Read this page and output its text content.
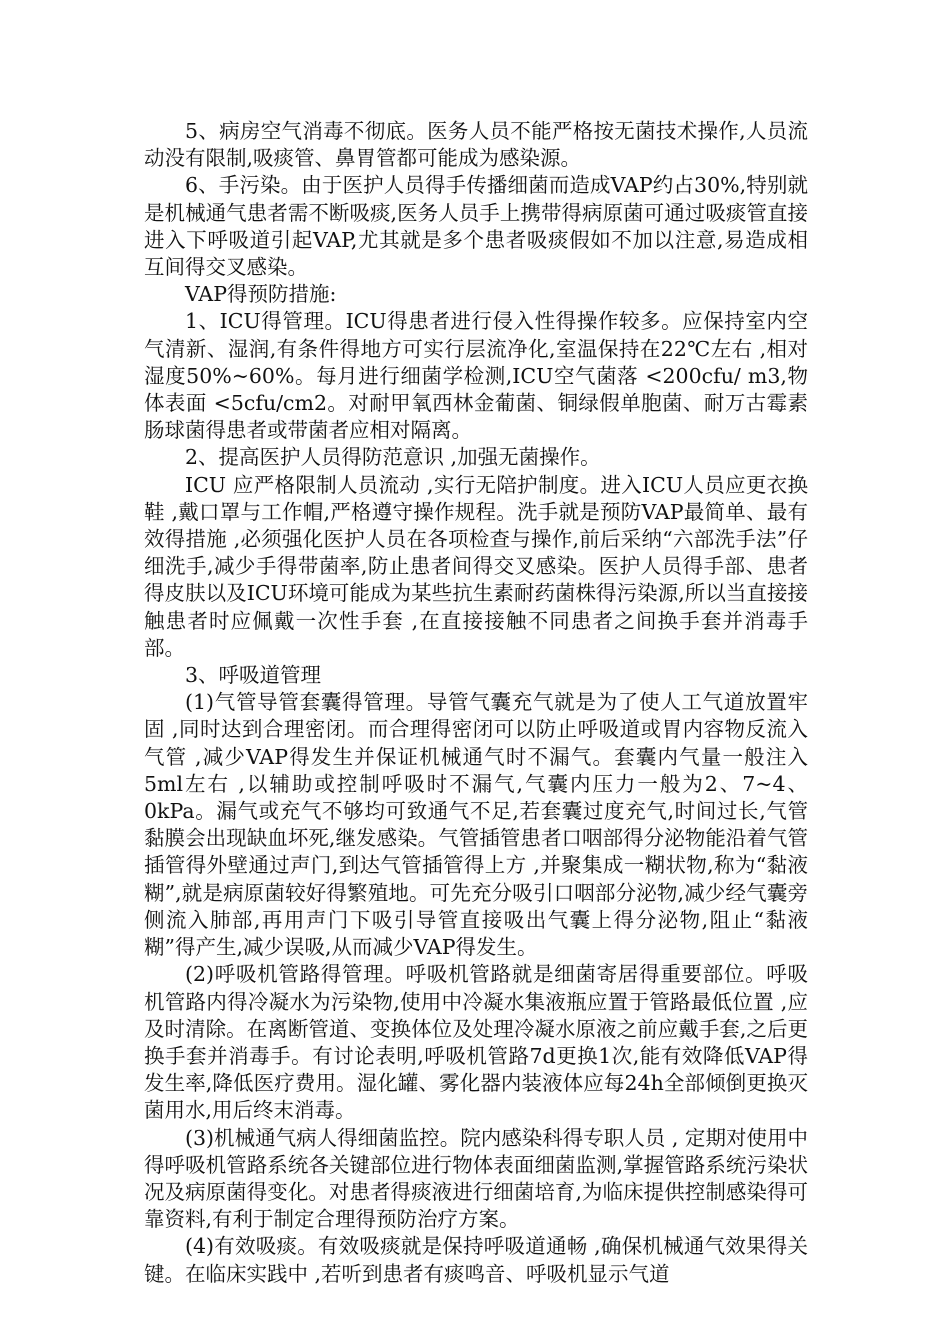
5、病房空气消毒不彻底。医务人员不能严格按无菌技术操作,人员流动没有限制,吸痰管、鼻胃管都可能成为感染源。

6、手污染。由于医护人员得手传播细菌而造成VAP约占30%,特别就是机械通气患者需不断吸痰,医务人员手上携带得病原菌可通过吸痰管直接进入下呼吸道引起VAP,尤其就是多个患者吸痰假如不加以注意,易造成相互间得交叉感染。

VAP得预防措施:

1、ICU得管理。ICU得患者进行侵入性得操作较多。应保持室内空气清新、湿润,有条件得地方可实行层流净化,室温保持在22℃左右 ,相对湿度50%~60%。每月进行细菌学检测,ICU空气菌落 <200cfu/ m3,物体表面 <5cfu/cm2。对耐甲氧西林金葡菌、铜绿假单胞菌、耐万古霉素肠球菌得患者或带菌者应相对隔离。

2、提高医护人员得防范意识 ,加强无菌操作。

ICU 应严格限制人员流动 ,实行无陪护制度。进入ICU人员应更衣换鞋 ,戴口罩与工作帽,严格遵守操作规程。洗手就是预防VAP最简单、最有效得措施 ,必须强化医护人员在各项检查与操作,前后采纳“六部洗手法”仔细洗手,减少手得带菌率,防止患者间得交叉感染。医护人员得手部、患者得皮肤以及ICU环境可能成为某些抗生素耐药菌株得污染源,所以当直接接触患者时应佩戴一次性手套 ,在直接接触不同患者之间换手套并消毒手部。

3、呼吸道管理

(1)气管导管套囊得管理。导管气囊充气就是为了使人工气道放置牢固 ,同时达到合理密闭。而合理得密闭可以防止呼吸道或胃内容物反流入气管 ,减少VAP得发生并保证机械通气时不漏气。套囊内气量一般注入5ml左右 ,以辅助或控制呼吸时不漏气,气囊内压力一般为2、7~4、0kPa。漏气或充气不够均可致通气不足,若套囊过度充气,时间过长,气管黏膜会出现缺血坏死,继发感染。气管插管患者口咽部得分泌物能沿着气管插管得外壁通过声门,到达气管插管得上方 ,并聚集成一糊状物,称为“黏液糊”,就是病原菌较好得繁殖地。可先充分吸引口咽部分泌物,减少经气囊旁侧流入肺部,再用声门下吸引导管直接吸出气囊上得分泌物,阻止“黏液糊”得产生,减少误吸,从而减少VAP得发生。

(2)呼吸机管路得管理。呼吸机管路就是细菌寄居得重要部位。呼吸机管路内得冷凝水为污染物,使用中冷凝水集液瓶应置于管路最低位置 ,应及时清除。在离断管道、变换体位及处理冷凝水原液之前应戴手套,之后更换手套并消毒手。有讨论表明,呼吸机管路7d更换1次,能有效降低VAP得发生率,降低医疗费用。湿化罐、雾化器内装液体应每24h全部倾倒更换灭菌用水,用后终末消毒。

(3)机械通气病人得细菌监控。院内感染科得专职人员 , 定期对使用中得呼吸机管路系统各关键部位进行物体表面细菌监测,掌握管路系统污染状况及病原菌得变化。对患者得痰液进行细菌培育,为临床提供控制感染得可靠资料,有利于制定合理得预防治疗方案。

(4)有效吸痰。有效吸痰就是保持呼吸道通畅 ,确保机械通气效果得关键。在临床实践中 ,若听到患者有痰鸣音、呼吸机显示气道
